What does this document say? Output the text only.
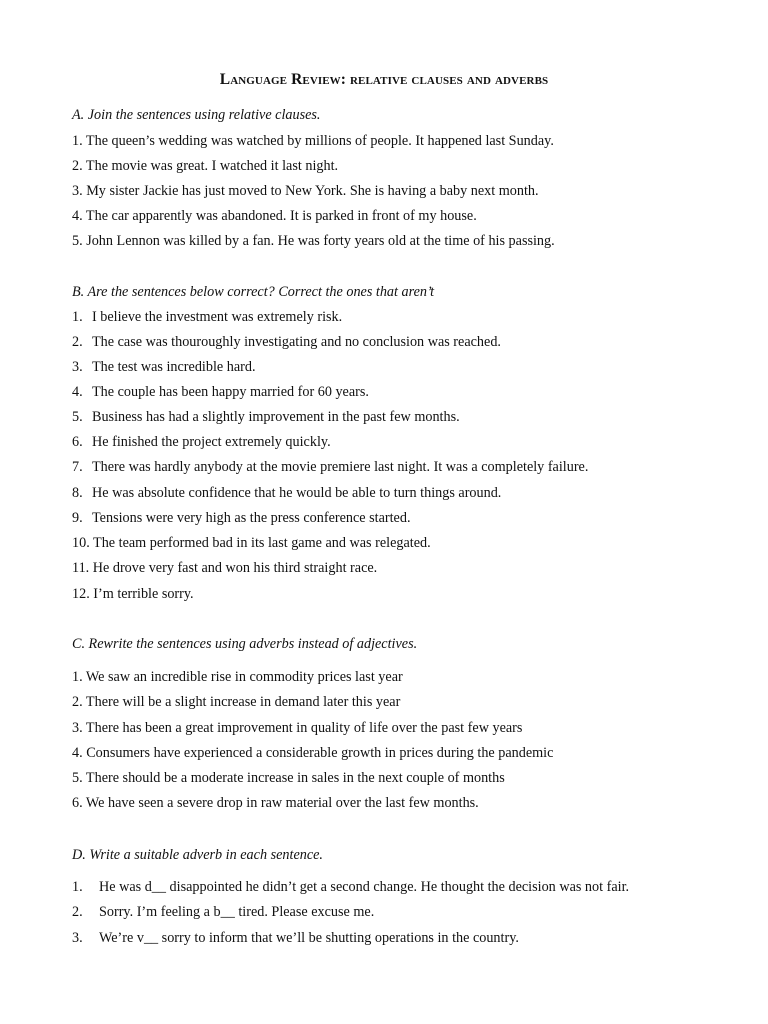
Language Review: relative clauses and adverbs
A. Join the sentences using relative clauses.
1. The queen’s wedding was watched by millions of people. It happened last Sunday.
2. The movie was great. I watched it last night.
3. My sister Jackie has just moved to New York. She is having a baby next month.
4. The car apparently was abandoned. It is parked in front of my house.
5. John Lennon was killed by a fan. He was forty years old at the time of his passing.
B. Are the sentences below correct? Correct the ones that aren’t
1. I believe the investment was extremely risk.
2. The case was thouroughly investigating and no conclusion was reached.
3. The test was incredible hard.
4. The couple has been happy married for 60 years.
5. Business has had a slightly improvement in the past few months.
6. He finished the project extremely quickly.
7. There was hardly anybody at the movie premiere last night. It was a completely failure.
8. He was absolute confidence that he would be able to turn things around.
9. Tensions were very high as the press conference started.
10. The team performed bad in its last game and was relegated.
11. He drove very fast and won his third straight race.
12. I’m terrible sorry.
C. Rewrite the sentences using adverbs instead of adjectives.
1. We saw an incredible rise in commodity prices last year
2. There will be a slight increase in demand later this year
3. There has been a great improvement in quality of life over the past few years
4. Consumers have experienced a considerable growth in prices during the pandemic
5. There should be a moderate increase in sales in the next couple of months
6. We have seen a severe drop in raw material over the last few months.
D. Write a suitable adverb in each sentence.
1. He was d__ disappointed he didn’t get a second change. He thought the decision was not fair.
2. Sorry. I’m feeling a b__ tired. Please excuse me.
3. We’re v__ sorry to inform that we’ll be shutting operations in the country.
